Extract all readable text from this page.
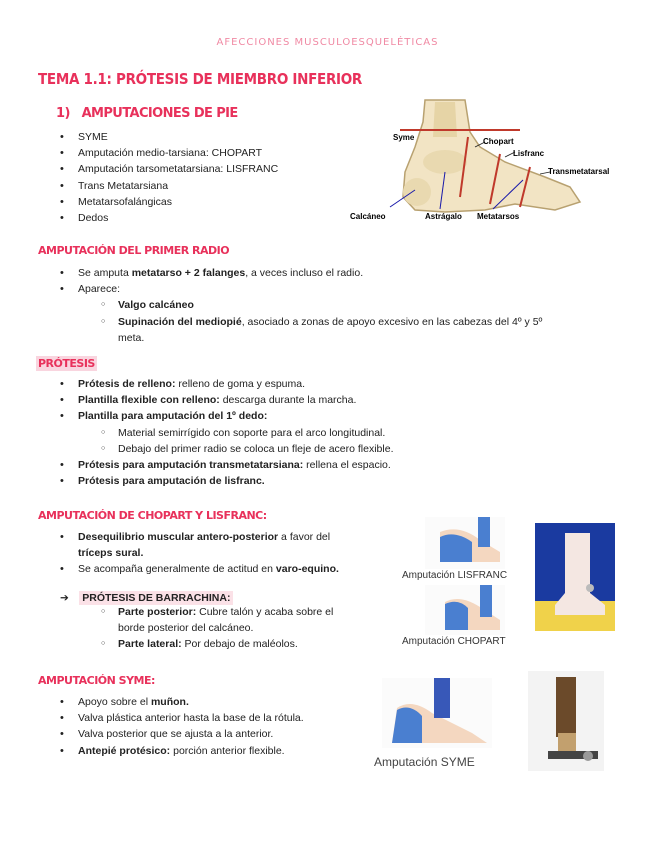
AFECCIONES MUSCULOESQUELÉTICAS
TEMA 1.1: PRÓTESIS DE MIEMBRO INFERIOR
1) AMPUTACIONES DE PIE
• SYME
• Amputación medio-tarsiana: CHOPART
• Amputación tarsometatarsiana: LISFRANC
• Trans Metatarsiana
• Metatarsofalángicas
• Dedos
Syme	Chopart
Lisfranc
Transmetatarsal
Calcáneo	Astrágalo Metatarsos
AMPUTACIÓN DEL PRIMER RADIO
• Se amputa metatarso + 2 falanges, a veces incluso el radio.
• Aparece:
○ Valgo calcáneo
○ Supinación del mediopié, asociado a zonas de apoyo excesivo en las cabezas del 4º y 5º
meta.
PRÓTESIS
• Prótesis de relleno: relleno de goma y espuma.
• Plantilla flexible con relleno: descarga durante la marcha.
• Plantilla para amputación del 1º dedo:
○ Material semirrígido con soporte para el arco longitudinal.
○ Debajo del primer radio se coloca un fleje de acero flexible.
• Prótesis para amputación transmetatarsiana: rellena el espacio.
• Prótesis para amputación de lisfranc.
AMPUTACIÓN DE CHOPART Y LISFRANC:
• Desequilibrio muscular antero-posterior a favor del
tríceps sural.
• Se acompaña generalmente de actitud en varo-equino.
➔ PRÓTESIS DE BARRACHINA:
○ Parte posterior: Cubre talón y acaba sobre el
borde posterior del calcáneo.
○ Parte lateral: Por debajo de maléolos.
Amputación LISFRANC
Amputación CHOPART
AMPUTACIÓN SYME:
• Apoyo sobre el muñon.
• Valva plástica anterior hasta la base de la rótula.
• Valva posterior que se ajusta a la anterior.
• Antepié protésico: porción anterior flexible.
Amputación SYME
